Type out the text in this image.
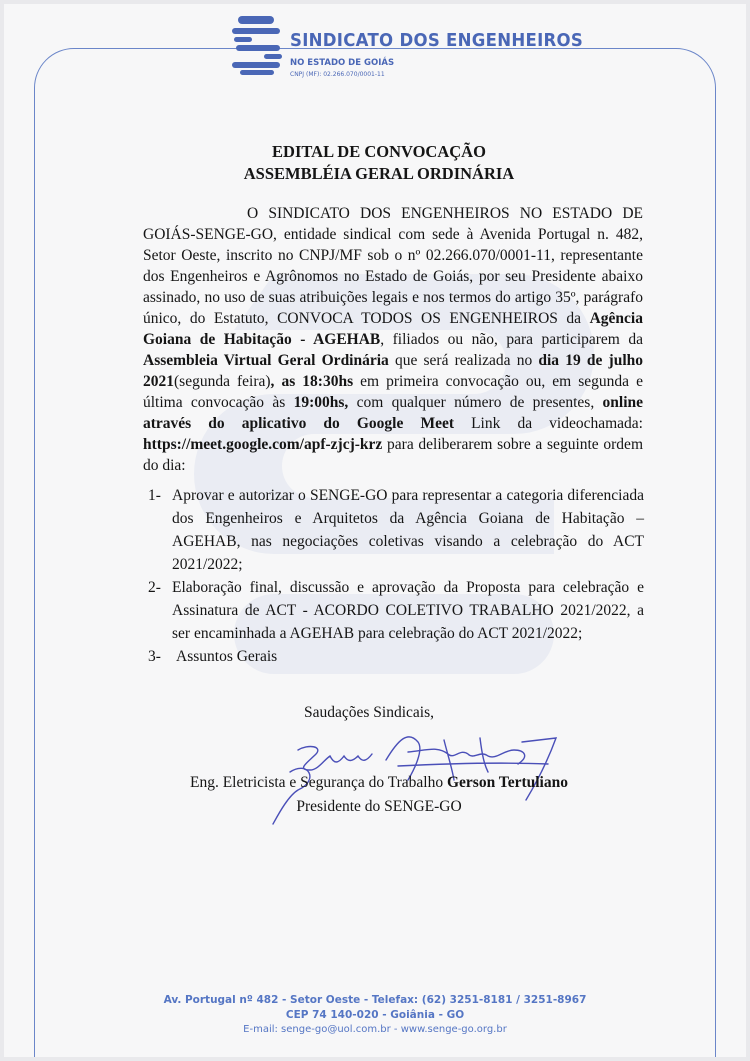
SINDICATO DOS ENGENHEIROS
NO ESTADO DE GOIÁS
CNPJ (MF): 02.266.070/0001-11
EDITAL DE CONVOCAÇÃO
ASSEMBLÉIA GERAL ORDINÁRIA

O SINDICATO DOS ENGENHEIROS NO ESTADO DE GOIÁS-SENGE-GO, entidade sindical com sede à Avenida Portugal n. 482, Setor Oeste, inscrito no CNPJ/MF sob o nº 02.266.070/0001-11, representante dos Engenheiros e Agrônomos no Estado de Goiás, por seu Presidente abaixo assinado, no uso de suas atribuições legais e nos termos do artigo 35º, parágrafo único, do Estatuto, CONVOCA TODOS OS ENGENHEIROS da Agência Goiana de Habitação - AGEHAB, filiados ou não, para participarem da Assembleia Virtual Geral Ordinária que será realizada no dia 19 de julho 2021(segunda feira), as 18:30hs em primeira convocação ou, em segunda e última convocação às 19:00hs, com qualquer número de presentes, online através do aplicativo do Google Meet Link da videochamada: https://meet.google.com/apf-zjcj-krz para deliberarem sobre a seguinte ordem do dia:

1- Aprovar e autorizar o SENGE-GO para representar a categoria diferenciada dos Engenheiros e Arquitetos da Agência Goiana de Habitação – AGEHAB, nas negociações coletivas visando a celebração do ACT 2021/2022;
2- Elaboração final, discussão e aprovação da Proposta para celebração e Assinatura de ACT - ACORDO COLETIVO TRABALHO 2021/2022, a ser encaminhada a AGEHAB para celebração do ACT 2021/2022;
3- Assuntos Gerais
Saudações Sindicais,
Eng. Eletricista e Segurança do Trabalho Gerson Tertuliano
Presidente do SENGE-GO
Av. Portugal nº 482 - Setor Oeste - Telefax: (62) 3251-8181 / 3251-8967
CEP 74 140-020 - Goiânia - GO
E-mail: senge-go@uol.com.br - www.senge-go.org.br
